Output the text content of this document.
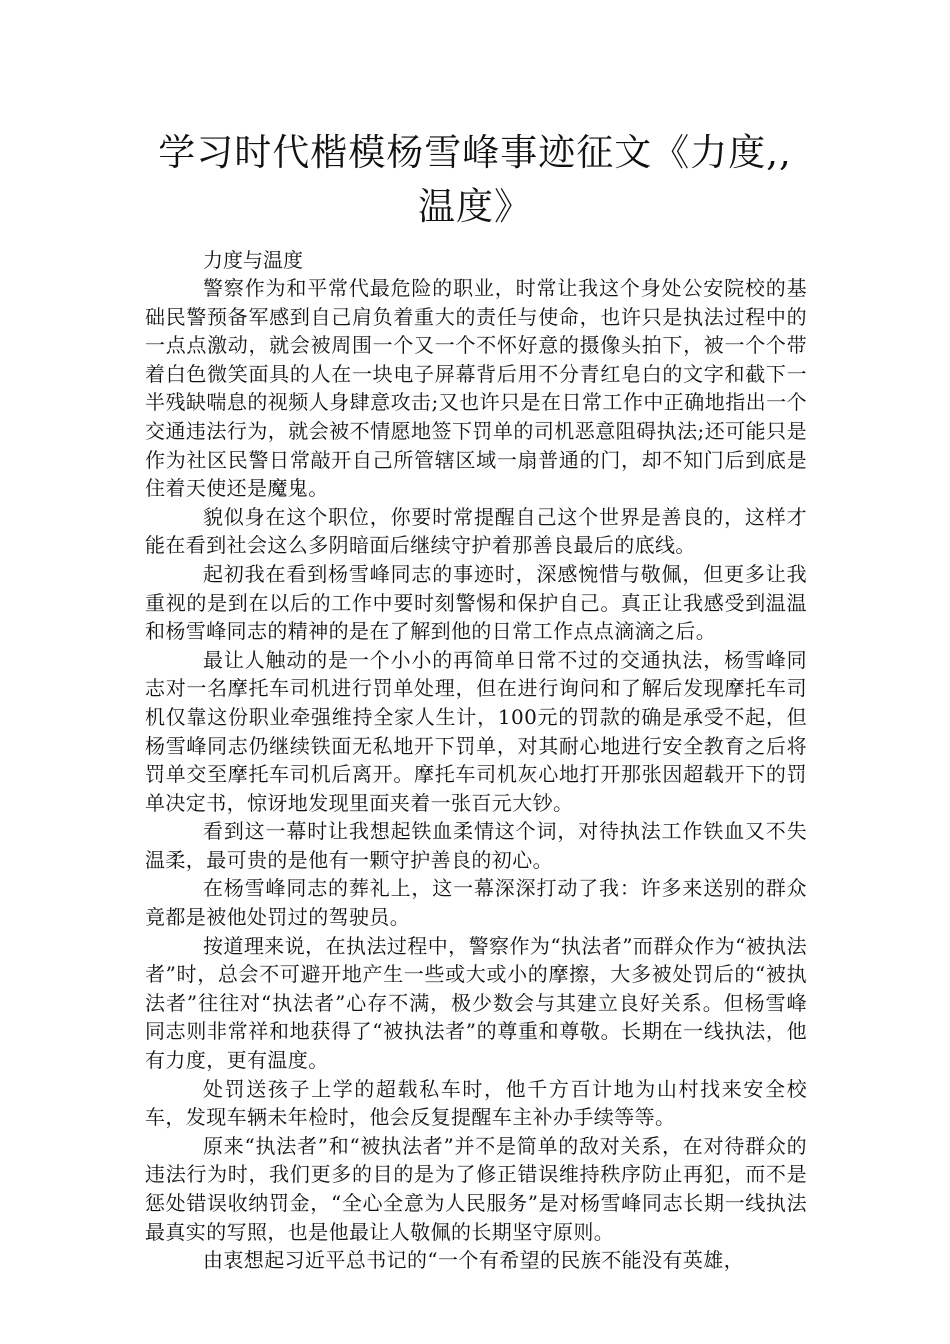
学习时代楷模杨雪峰事迹征文《力度,,温度》

力度与温度

警察作为和平常代最危险的职业，时常让我这个身处公安院校的基础民警预备军感到自己肩负着重大的责任与使命，也许只是执法过程中的一点点激动，就会被周围一个又一个不怀好意的摄像头拍下，被一个个带着白色微笑面具的人在一块电子屏幕背后用不分青红皂白的文字和截下一半残缺喘息的视频人身肆意攻击;又也许只是在日常工作中正确地指出一个交通违法行为，就会被不情愿地签下罚单的司机恶意阻碍执法;还可能只是作为社区民警日常敲开自己所管辖区域一扇普通的门，却不知门后到底是住着天使还是魔鬼。

貌似身在这个职位，你要时常提醒自己这个世界是善良的，这样才能在看到社会这么多阴暗面后继续守护着那善良最后的底线。

起初我在看到杨雪峰同志的事迹时，深感惋惜与敬佩，但更多让我重视的是到在以后的工作中要时刻警惕和保护自己。真正让我感受到温温和杨雪峰同志的精神的是在了解到他的日常工作点点滴滴之后。

最让人触动的是一个小小的再简单日常不过的交通执法，杨雪峰同志对一名摩托车司机进行罚单处理，但在进行询问和了解后发现摩托车司机仅靠这份职业牵强维持全家人生计，100元的罚款的确是承受不起，但杨雪峰同志仍继续铁面无私地开下罚单，对其耐心地进行安全教育之后将罚单交至摩托车司机后离开。摩托车司机灰心地打开那张因超载开下的罚单决定书，惊讶地发现里面夹着一张百元大钞。

看到这一幕时让我想起铁血柔情这个词，对待执法工作铁血又不失温柔，最可贵的是他有一颗守护善良的初心。

在杨雪峰同志的葬礼上，这一幕深深打动了我：许多来送别的群众竟都是被他处罚过的驾驶员。

按道理来说，在执法过程中，警察作为“执法者”而群众作为“被执法者”时，总会不可避开地产生一些或大或小的摩擦，大多被处罚后的“被执法者”往往对“执法者”心存不满，极少数会与其建立良好关系。但杨雪峰同志则非常祥和地获得了“被执法者”的尊重和尊敬。长期在一线执法，他有力度，更有温度。

处罚送孩子上学的超载私车时，他千方百计地为山村找来安全校车，发现车辆未年检时，他会反复提醒车主补办手续等等。

原来“执法者”和“被执法者”并不是简单的敌对关系，在对待群众的违法行为时，我们更多的目的是为了修正错误维持秩序防止再犯，而不是惩处错误收纳罚金，“全心全意为人民服务”是对杨雪峰同志长期一线执法最真实的写照，也是他最让人敬佩的长期坚守原则。

由衷想起习近平总书记的“一个有希望的民族不能没有英雄，
